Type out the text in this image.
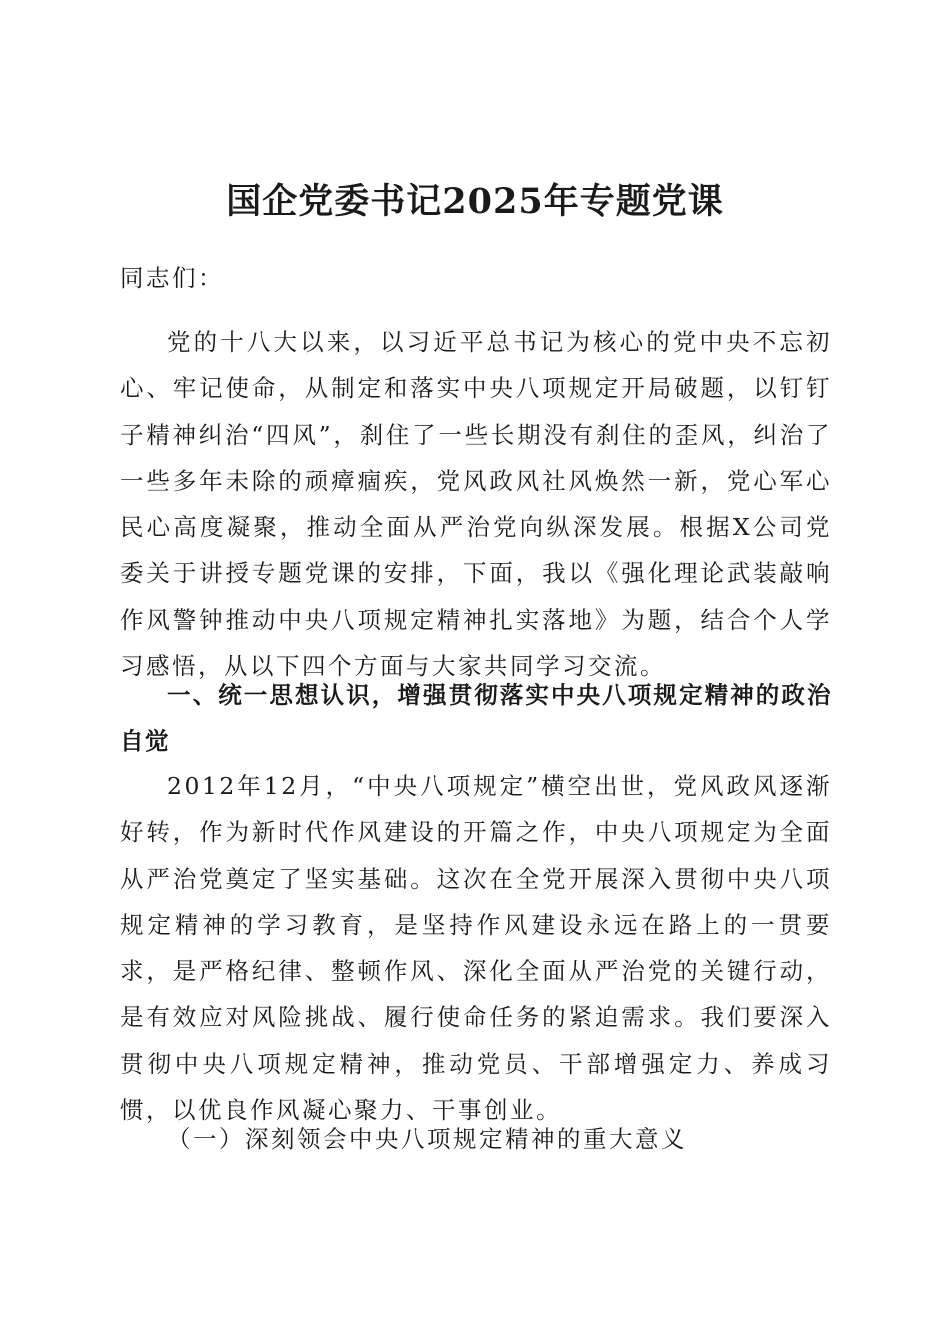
国企党委书记2025年专题党课

同志们：

党的十八大以来，以习近平总书记为核心的党中央不忘初心、牢记使命，从制定和落实中央八项规定开局破题，以钉钉子精神纠治“四风”，刹住了一些长期没有刹住的歪风，纠治了一些多年未除的顽瘴痼疾，党风政风社风焕然一新，党心军心民心高度凝聚，推动全面从严治党向纵深发展。根据X公司党委关于讲授专题党课的安排，下面，我以《强化理论武装敲响作风警钟推动中央八项规定精神扎实落地》为题，结合个人学习感悟，从以下四个方面与大家共同学习交流。

一、统一思想认识，增强贯彻落实中央八项规定精神的政治自觉

2012年12月，“中央八项规定”横空出世，党风政风逐渐好转，作为新时代作风建设的开篇之作，中央八项规定为全面从严治党奠定了坚实基础。这次在全党开展深入贯彻中央八项规定精神的学习教育，是坚持作风建设永远在路上的一贯要求，是严格纪律、整顿作风、深化全面从严治党的关键行动，是有效应对风险挑战、履行使命任务的紧迫需求。我们要深入贯彻中央八项规定精神，推动党员、干部增强定力、养成习惯，以优良作风凝心聚力、干事创业。

（一）深刻领会中央八项规定精神的重大意义
